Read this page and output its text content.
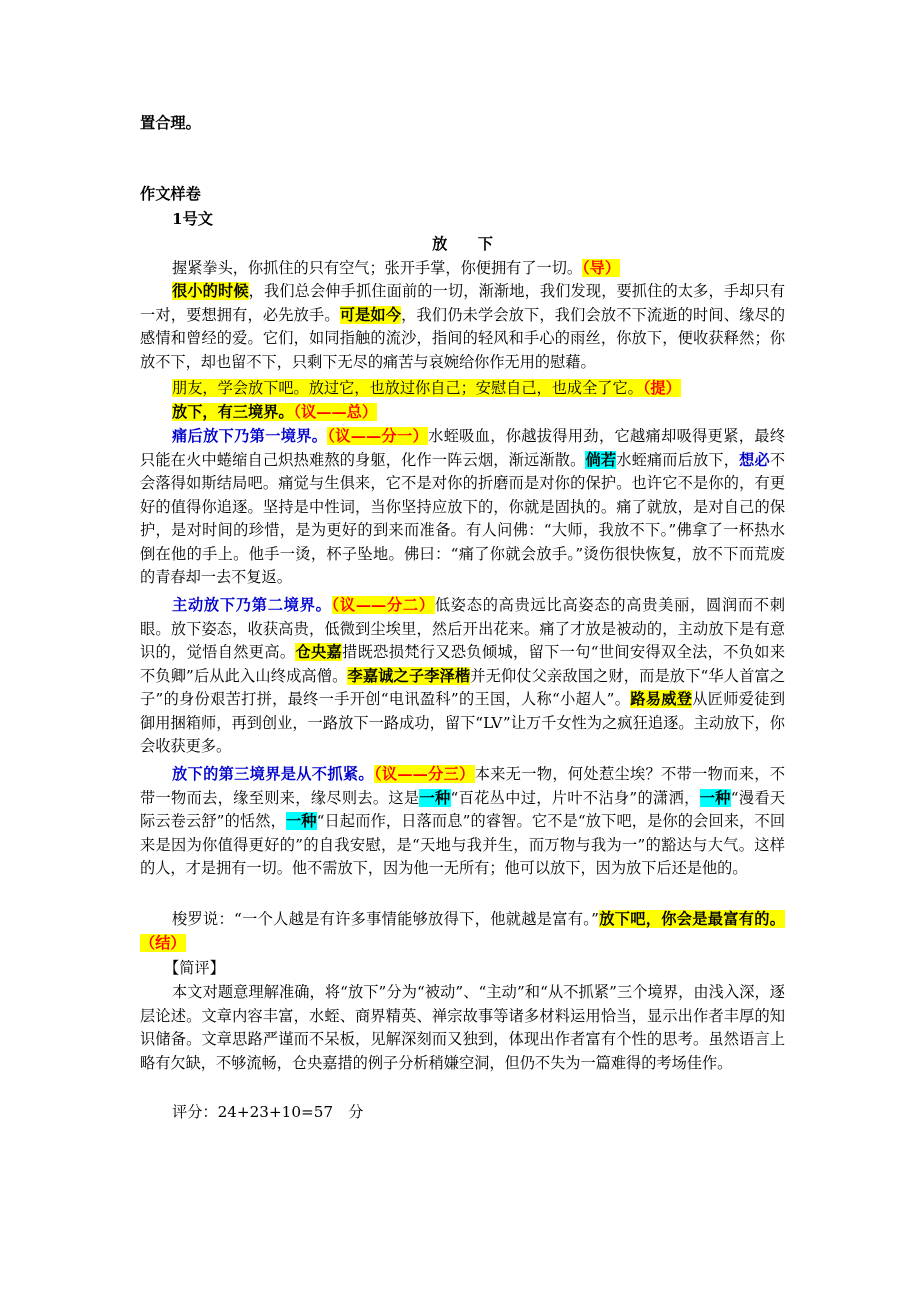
置合理。
作文样卷
1号文
放　　下
握紧拳头，你抓住的只有空气；张开手掌，你便拥有了一切。（导）
很小的时候，我们总会伸手抓住面前的一切，渐渐地，我们发现，要抓住的太多，手却只有一对，要想拥有，必先放手。可是如今，我们仍未学会放下，我们会放不下流逝的时间、缘尽的感情和曾经的爱。它们，如同指触的流沙，指间的轻风和手心的雨丝，你放下，便收获释然；你放不下，却也留不下，只剩下无尽的痛苦与哀婉给你作无用的慰藉。
朋友，学会放下吧。放过它，也放过你自己；安慰自己，也成全了它。（提）
放下，有三境界。（议——总）
痛后放下乃第一境界。（议——分一）水蛭吸血，你越拔得用劲，它越痛却吸得更紧，最终只能在火中蜷缩自己炽热难熬的身躯，化作一阵云烟，渐远渐散。倘若水蛭痛而后放下，想必不会落得如斯结局吧。痛觉与生俱来，它不是对你的折磨而是对你的保护。也许它不是你的，有更好的值得你追逐。坚持是中性词，当你坚持应放下的，你就是固执的。痛了就放，是对自己的保护，是对时间的珍惜，是为更好的到来而准备。有人问佛：“大师，我放不下。”佛拿了一杯热水倒在他的手上。他手一烫，杯子坠地。佛曰：“痛了你就会放手。”烫伤很快恢复，放不下而荒废的青春却一去不复返。
主动放下乃第二境界。（议——分二）低姿态的高贵远比高姿态的高贵美丽，圆润而不刺眼。放下姿态，收获高贵，低微到尘埃里，然后开出花来。痛了才放是被动的，主动放下是有意识的，觉悟自然更高。仓央嘉措既恐损梵行又恐负倾城，留下一句“世间安得双全法，不负如来不负卿”后从此入山终成高僧。李嘉诚之子李泽楷并无仰仗父亲敌国之财，而是放下“华人首富之子”的身份艰苦打拼，最终一手开创“电讯盈科”的王国，人称“小超人”。路易威登从匠师爱徒到御用捆箱师，再到创业，一路放下一路成功，留下“LV”让万千女性为之疯狂追逐。主动放下，你会收获更多。
放下的第三境界是从不抓紧。（议——分三）本来无一物，何处惹尘埃？不带一物而来，不带一物而去，缘至则来，缘尽则去。这是一种“百花丛中过，片叶不沾身”的潇洒，一种“漫看天际云卷云舒”的恬然，一种“日起而作，日落而息”的睿智。它不是“放下吧，是你的会回来，不回来是因为你值得更好的”的自我安慰，是“天地与我并生，而万物与我为一”的豁达与大气。这样的人，才是拥有一切。他不需放下，因为他一无所有；他可以放下，因为放下后还是他的。
梭罗说：“一个人越是有许多事情能够放得下，他就越是富有。”放下吧，你会是最富有的。（结）
【简评】
本文对题意理解准确，将“放下”分为“被动”、“主动”和“从不抓紧”三个境界，由浅入深，逐层论述。文章内容丰富，水蛭、商界精英、禅宗故事等诸多材料运用恰当，显示出作者丰厚的知识储备。文章思路严谨而不呆板，见解深刻而又独到，体现出作者富有个性的思考。虽然语言上略有欠缺，不够流畅，仓央嘉措的例子分析稍嫌空洞，但仍不失为一篇难得的考场佳作。
评分：24+23+10=57　分
